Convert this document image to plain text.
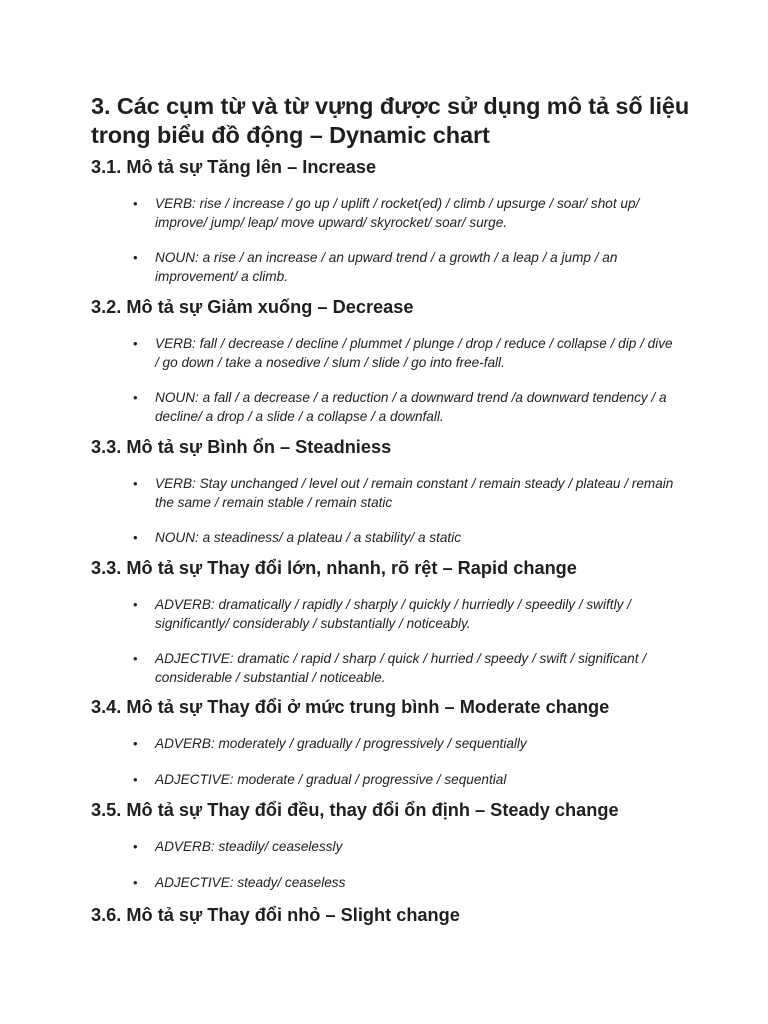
3. Các cụm từ và từ vựng được sử dụng mô tả số liệu trong biểu đồ động – Dynamic chart
3.1. Mô tả sự Tăng lên – Increase
• VERB: rise / increase / go up / uplift / rocket(ed) / climb / upsurge / soar/ shot up/ improve/ jump/ leap/ move upward/ skyrocket/ soar/ surge.
• NOUN: a rise / an increase / an upward trend / a growth / a leap / a jump / an improvement/ a climb.
3.2. Mô tả sự Giảm xuống – Decrease
• VERB: fall / decrease / decline / plummet / plunge / drop / reduce / collapse / dip / dive / go down / take a nosedive / slum / slide / go into free-fall.
• NOUN: a fall / a decrease / a reduction / a downward trend /a downward tendency / a decline/ a drop / a slide / a collapse / a downfall.
3.3. Mô tả sự Bình ổn – Steadniess
• VERB: Stay unchanged / level out / remain constant / remain steady / plateau / remain the same / remain stable / remain static
• NOUN: a steadiness/ a plateau / a stability/ a static
3.3. Mô tả sự Thay đổi lớn, nhanh, rõ rệt – Rapid change
• ADVERB: dramatically / rapidly / sharply / quickly / hurriedly / speedily / swiftly / significantly/ considerably / substantially / noticeably.
• ADJECTIVE: dramatic / rapid / sharp / quick / hurried / speedy / swift / significant / considerable / substantial / noticeable.
3.4. Mô tả sự Thay đổi ở mức trung bình – Moderate change
• ADVERB: moderately / gradually / progressively / sequentially
• ADJECTIVE: moderate / gradual / progressive / sequential
3.5. Mô tả sự Thay đổi đều, thay đổi ổn định – Steady change
• ADVERB: steadily/ ceaselessly
• ADJECTIVE: steady/ ceaseless
3.6. Mô tả sự Thay đổi nhỏ – Slight change
